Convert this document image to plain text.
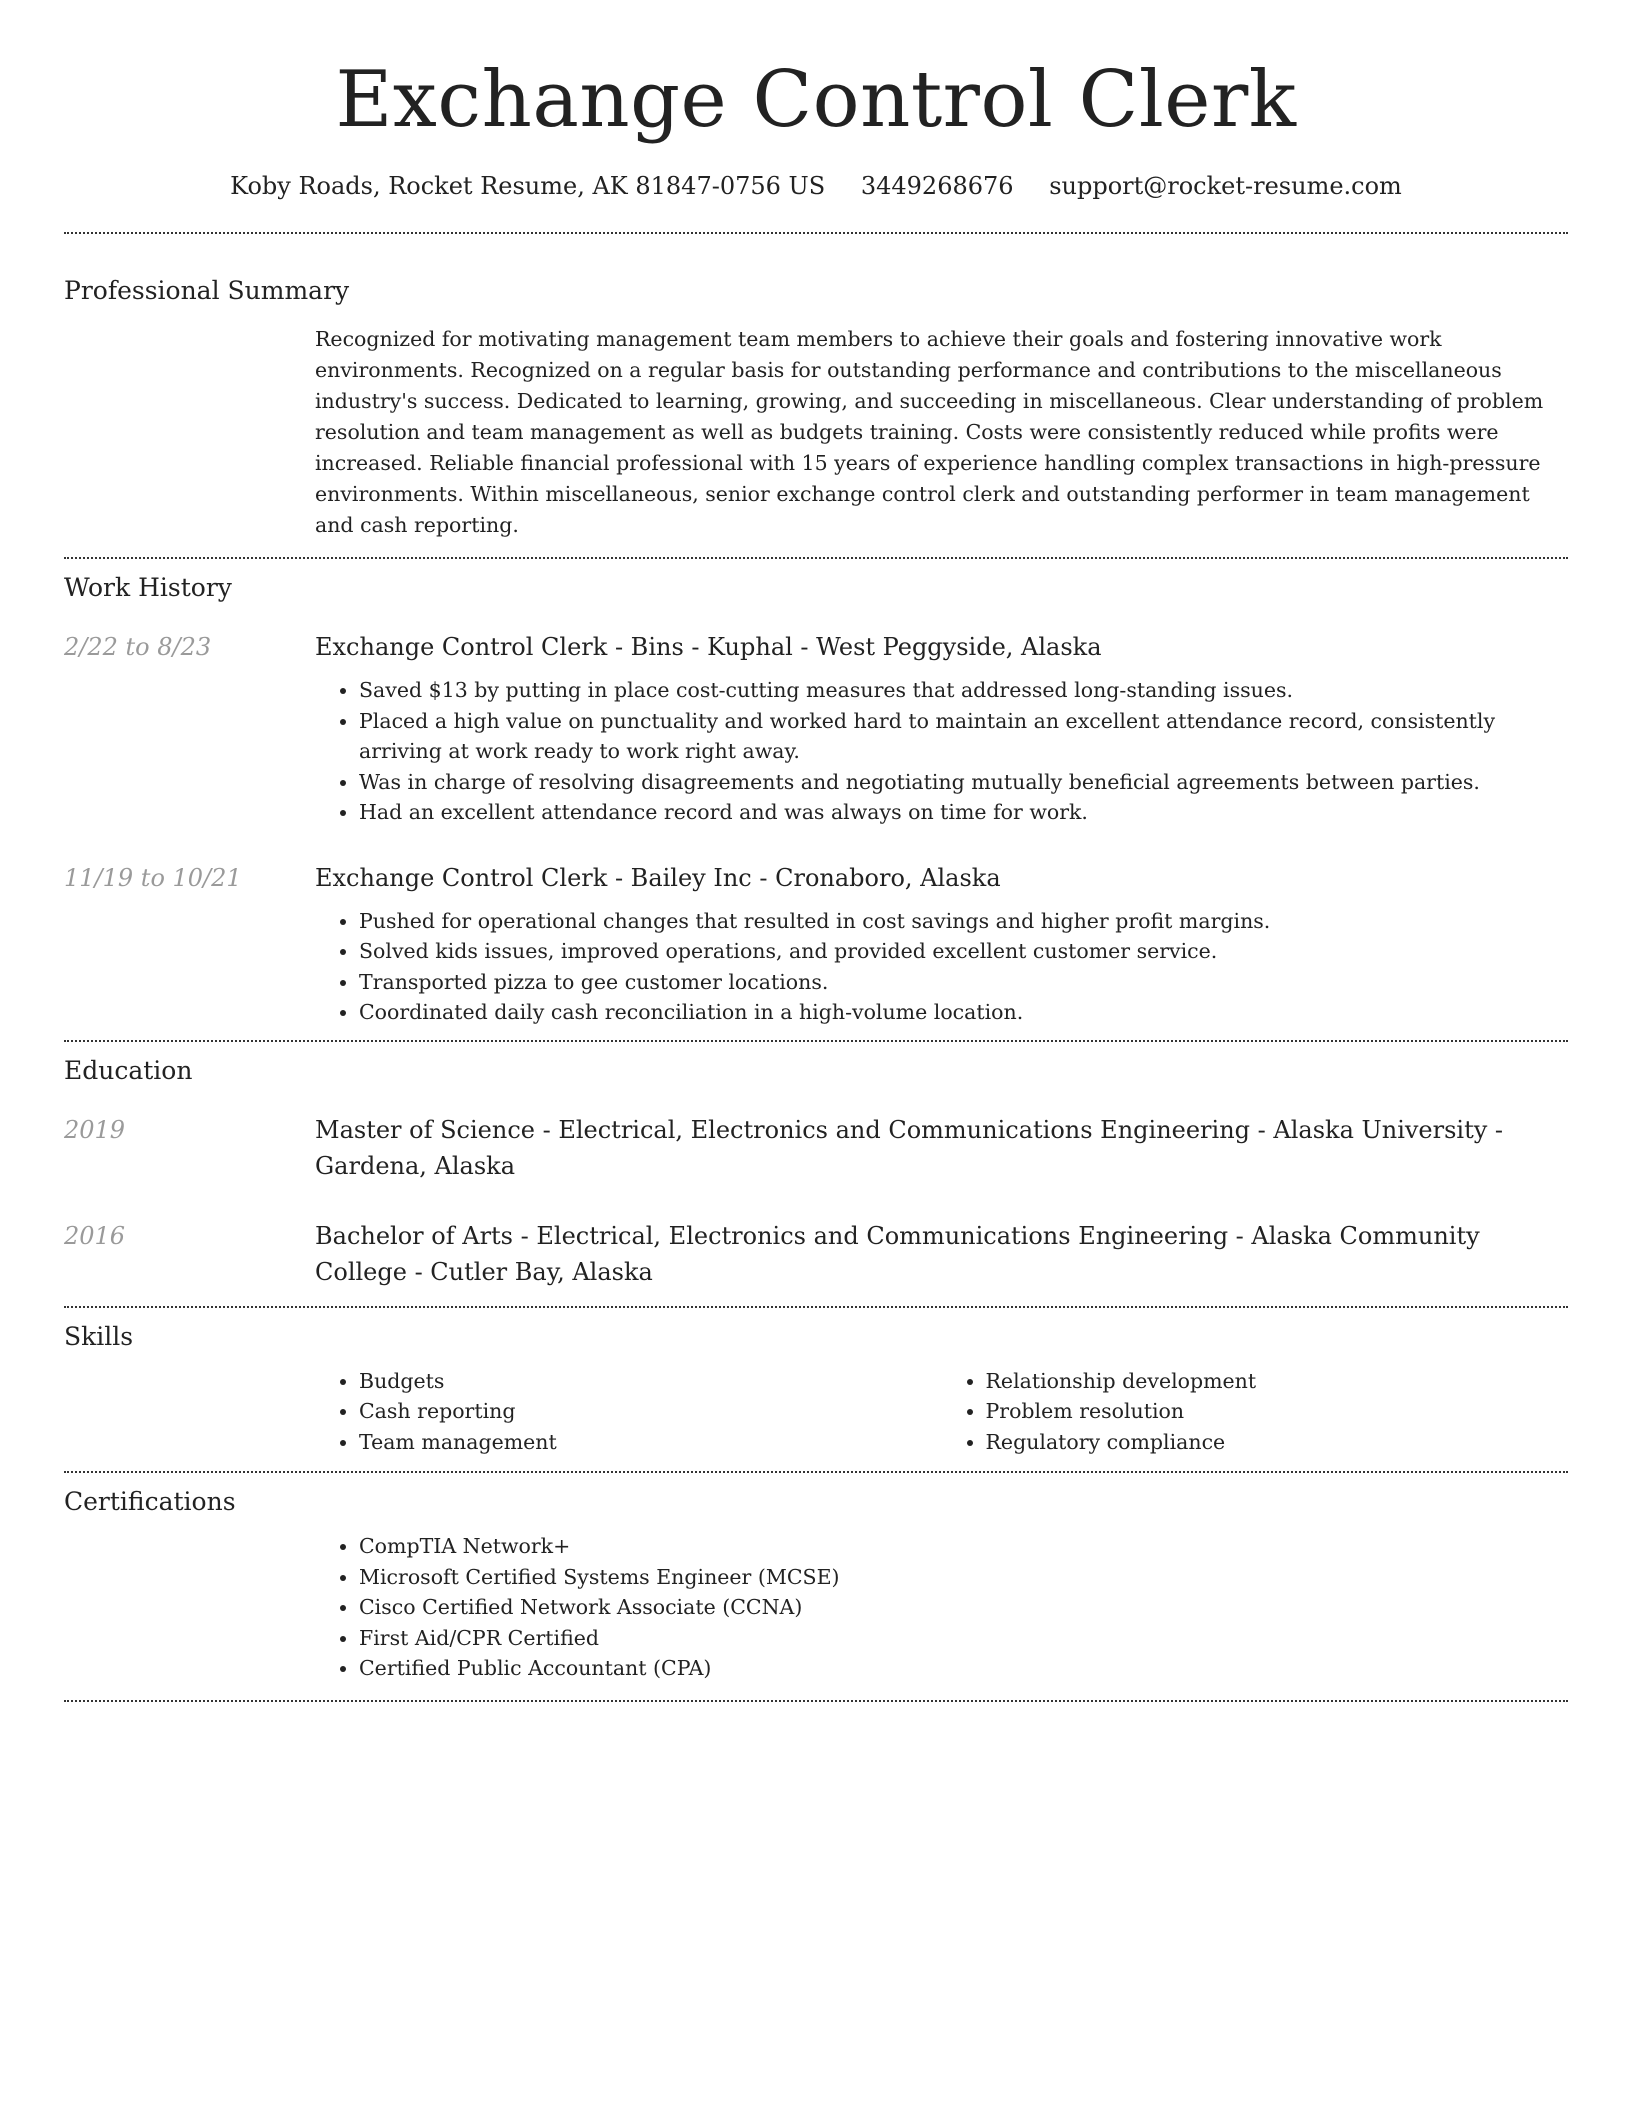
Exchange Control Clerk
Koby Roads, Rocket Resume, AK 81847-0756 US 3449268676 support@rocket-resume.com
Professional Summary
Recognized for motivating management team members to achieve their goals and fostering innovative work environments. Recognized on a regular basis for outstanding performance and contributions to the miscellaneous industry's success. Dedicated to learning, growing, and succeeding in miscellaneous. Clear understanding of problem resolution and team management as well as budgets training. Costs were consistently reduced while profits were increased. Reliable financial professional with 15 years of experience handling complex transactions in high-pressure environments. Within miscellaneous, senior exchange control clerk and outstanding performer in team management and cash reporting.
Work History
2/22 to 8/23	Exchange Control Clerk - Bins - Kuphal - West Peggyside, Alaska
• Saved $13 by putting in place cost-cutting measures that addressed long-standing issues.
• Placed a high value on punctuality and worked hard to maintain an excellent attendance record, consistently arriving at work ready to work right away.
• Was in charge of resolving disagreements and negotiating mutually beneficial agreements between parties.
• Had an excellent attendance record and was always on time for work.
11/19 to 10/21	Exchange Control Clerk - Bailey Inc - Cronaboro, Alaska
• Pushed for operational changes that resulted in cost savings and higher profit margins.
• Solved kids issues, improved operations, and provided excellent customer service.
• Transported pizza to gee customer locations.
• Coordinated daily cash reconciliation in a high-volume location.
Education
2019	Master of Science - Electrical, Electronics and Communications Engineering - Alaska University - Gardena, Alaska
2016	Bachelor of Arts - Electrical, Electronics and Communications Engineering - Alaska Community College - Cutler Bay, Alaska
Skills
• Budgets
• Cash reporting
• Team management
• Relationship development
• Problem resolution
• Regulatory compliance
Certifications
• CompTIA Network+
• Microsoft Certified Systems Engineer (MCSE)
• Cisco Certified Network Associate (CCNA)
• First Aid/CPR Certified
• Certified Public Accountant (CPA)
